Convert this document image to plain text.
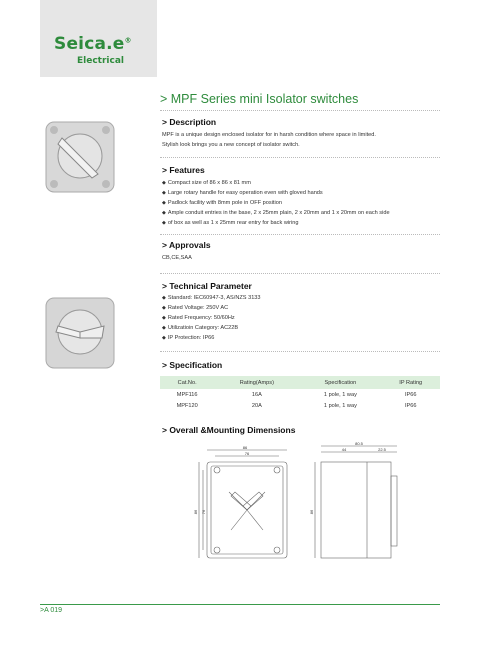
Seica.e®
Electrical
> MPF Series mini Isolator switches
> Description
MPF is a unique design enclosed isolator for in harsh condition where space in limited.
Stylish look brings you a new concept of isolator switch.
> Features
◆ Compact size of 86 x 86 x 81 mm
◆ Large rotary handle for easy operation even with gloved hands
◆ Padlock facility with 8mm pole in OFF position
◆ Ample conduit entries in the base, 2 x 25mm plain, 2 x 20mm and 1 x 20mm on each side
◆ of box as well as 1 x 25mm rear entry for back wiring
> Approvals
CB,CE,SAA
> Technical Parameter
◆ Standard: IEC60947-3, AS/NZS 3133
◆ Rated Voltage: 250V AC
◆ Rated Frequency: 50/60Hz
◆ Utilizatioin Category: AC22B
◆ IP Protection: IP66
> Specification
Cat.No.	Rating(Amps)	Specification	IP Rating
MPF116	16A	1 pole, 1 way	IP66
MPF120	20A	1 pole, 1 way	IP66
> Overall &Mounting Dimensions
86
76
86 76
80.5
44	22.5
86
>A 019
